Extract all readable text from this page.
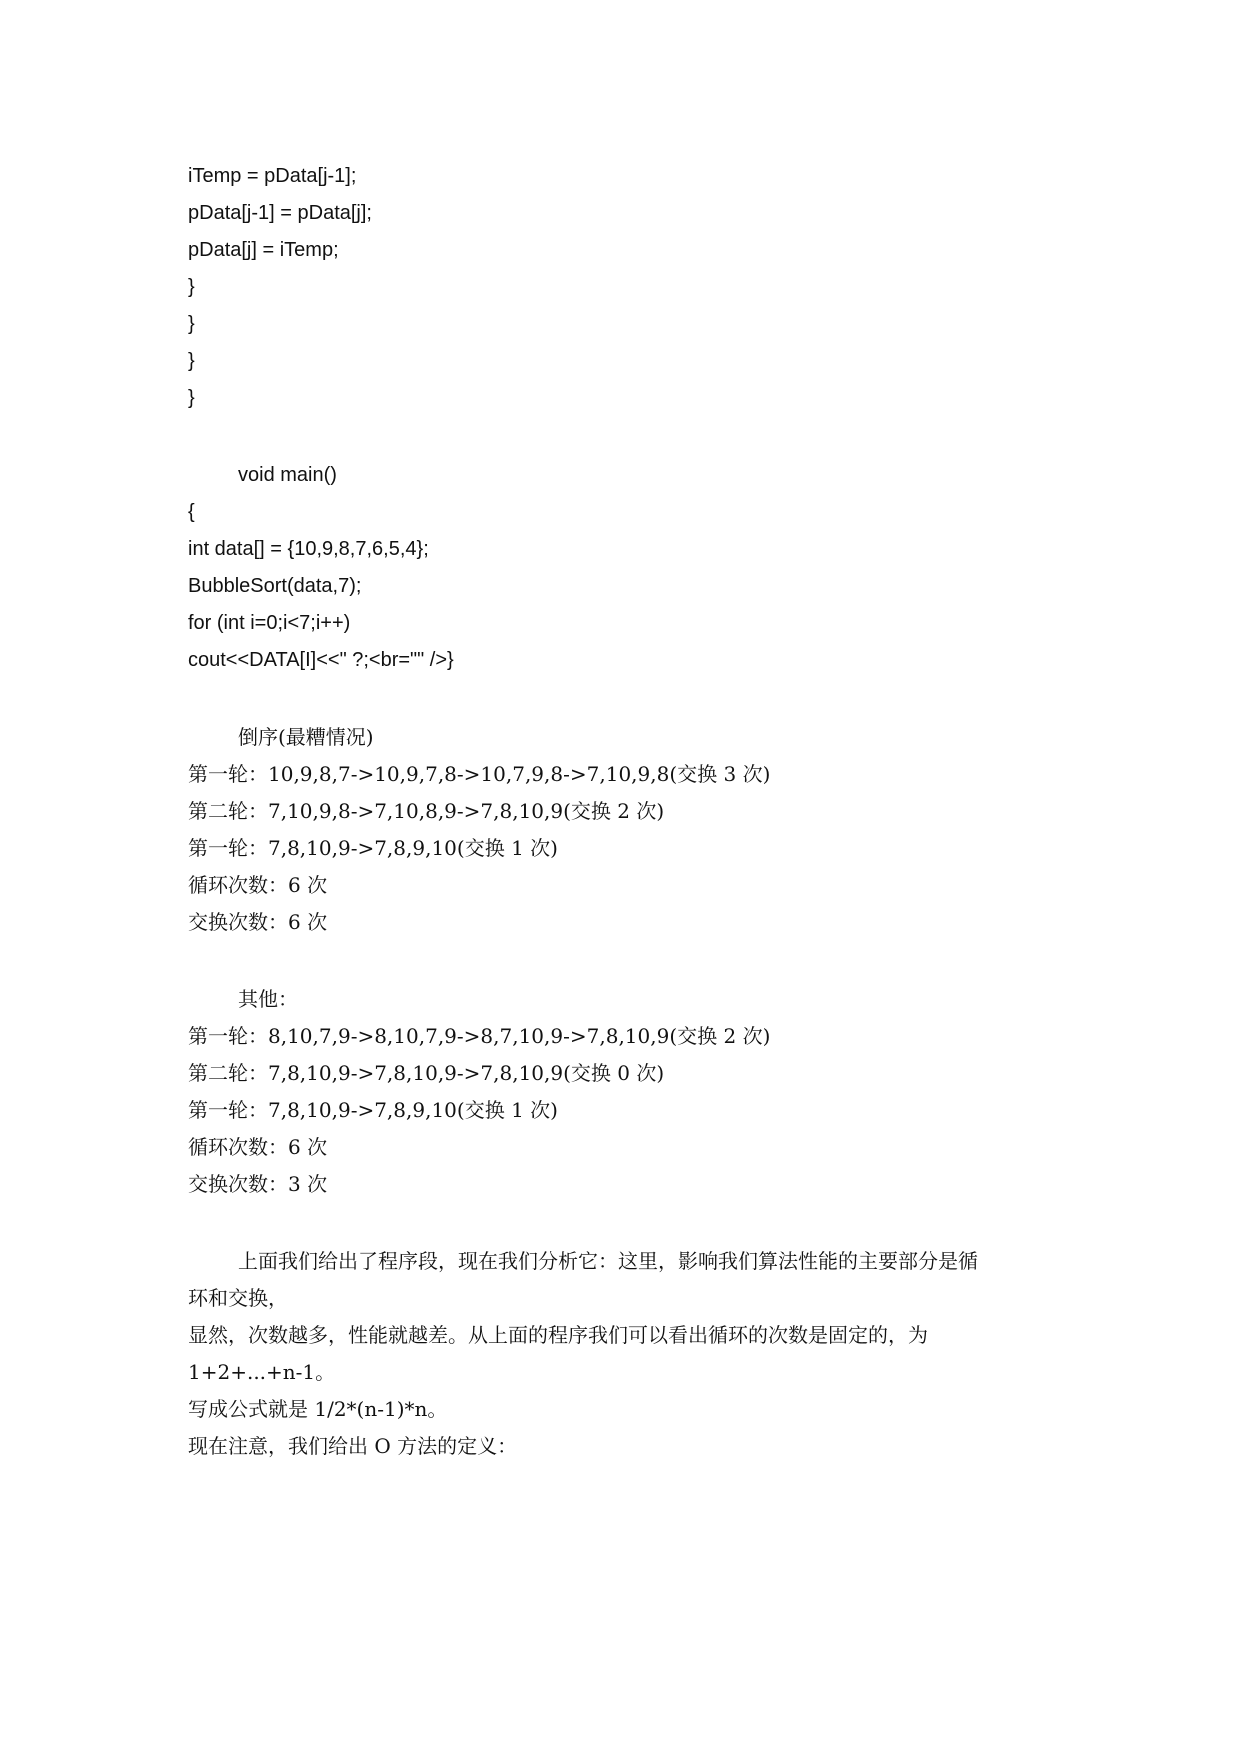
iTemp = pData[j-1];
pData[j-1] = pData[j];
pData[j] = iTemp;
}
}
}
}
void main()
{
int data[] = {10,9,8,7,6,5,4};
BubbleSort(data,7);
for (int i=0;i<7;i++)
cout<<DATA[I]<<" ?;<br="" />}
倒序(最糟情况)
第一轮：10,9,8,7->10,9,7,8->10,7,9,8->7,10,9,8(交换 3 次)
第二轮：7,10,9,8->7,10,8,9->7,8,10,9(交换 2 次)
第一轮：7,8,10,9->7,8,9,10(交换 1 次)
循环次数：6 次
交换次数：6 次
其他：
第一轮：8,10,7,9->8,10,7,9->8,7,10,9->7,8,10,9(交换 2 次)
第二轮：7,8,10,9->7,8,10,9->7,8,10,9(交换 0 次)
第一轮：7,8,10,9->7,8,9,10(交换 1 次)
循环次数：6 次
交换次数：3 次
上面我们给出了程序段，现在我们分析它：这里，影响我们算法性能的主要部分是循
环和交换，
显然，次数越多，性能就越差。从上面的程序我们可以看出循环的次数是固定的，为
1+2+...+n-1。
写成公式就是 1/2*(n-1)*n。
现在注意，我们给出 O 方法的定义：
